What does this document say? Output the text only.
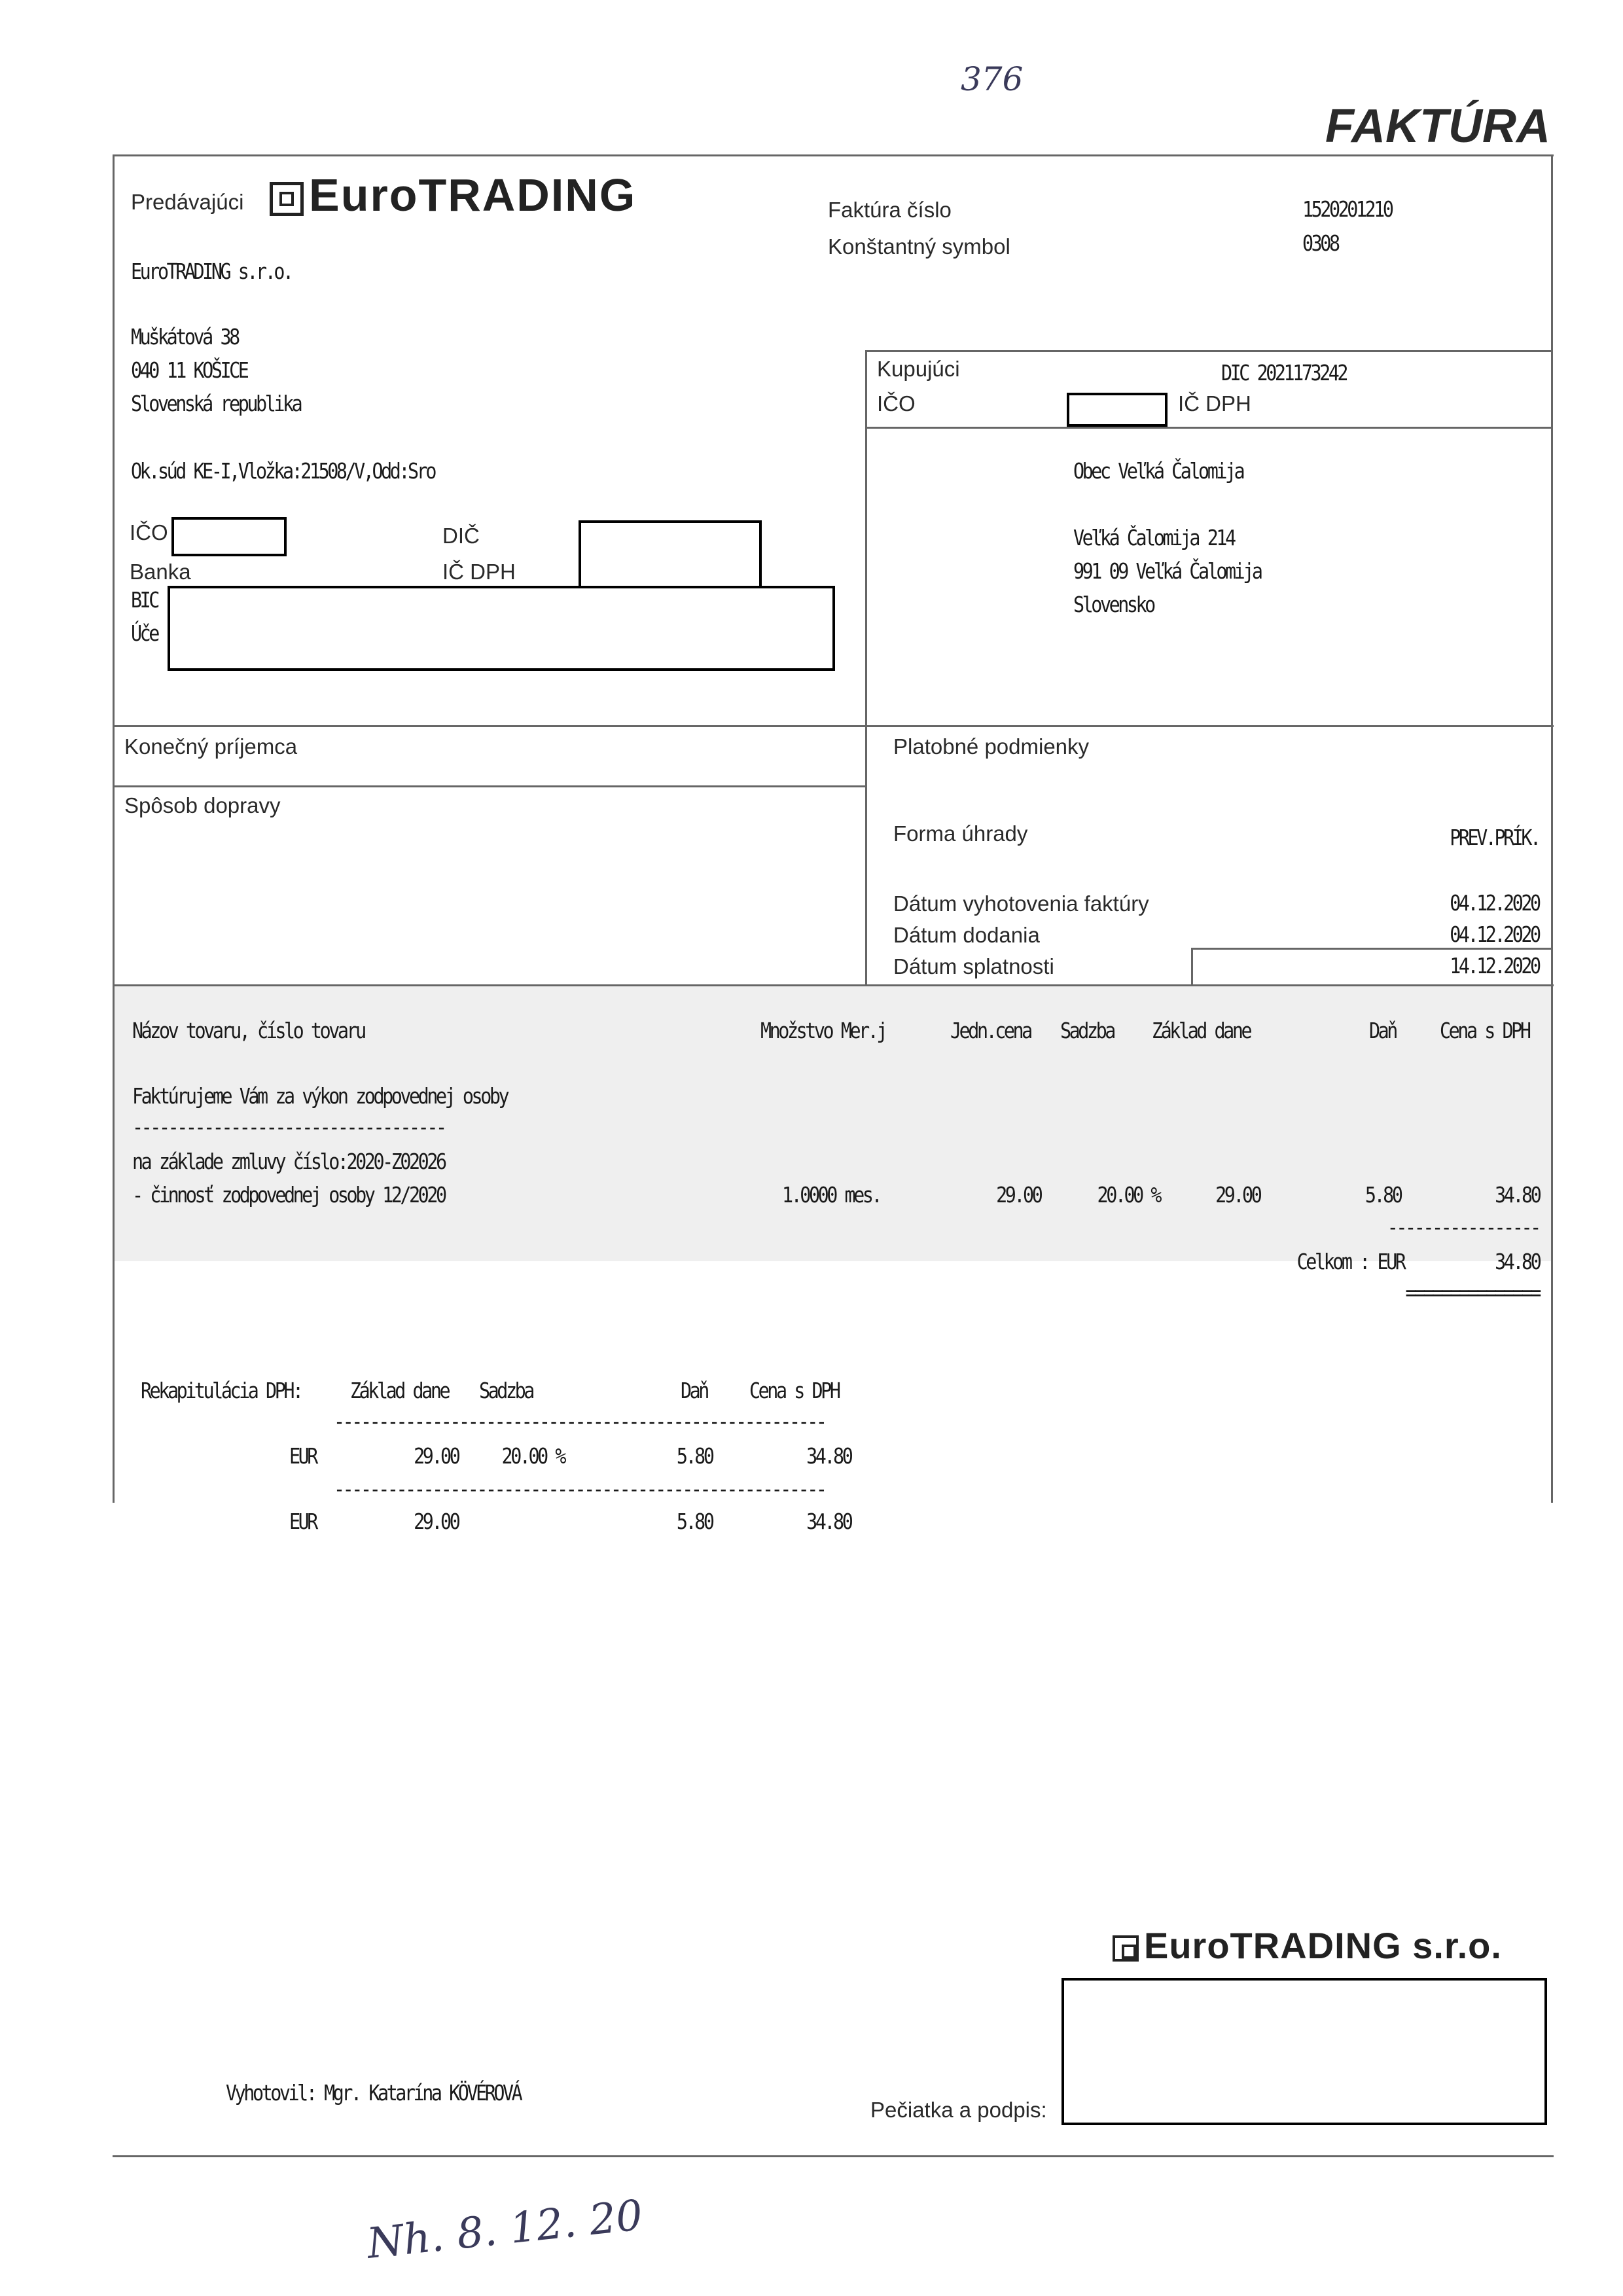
376
FAKTÚRA
Predávajúci	EuroTRADING
EuroTRADING s.r.o.
Muškátová 38
040 11 KOŠICE
Slovenská republika
Ok.súd KE-I,Vložka:21508/V,Odd:Sro
IČO	DIČ
Banka	IČ DPH
BIC
Úče
Faktúra číslo	1520201210
Konštantný symbol	0308
Kupujúci	DIC 2021173242
IČO	IČ DPH
Obec Veľká Čalomija
Veľká Čalomija 214
991 09 Veľká Čalomija
Slovensko
Konečný príjemca
Spôsob dopravy
Platobné podmienky
Forma úhrady	PREV.PRÍK.
Dátum vyhotovenia faktúry	04.12.2020
Dátum dodania	04.12.2020
Dátum splatnosti	14.12.2020
Názov tovaru, číslo tovaru	Množstvo Mer.j	Jedn.cena Sadzba Základ dane	Daň Cena s DPH
Faktúrujeme Vám za výkon zodpovednej osoby
-----------------------------------
na základe zmluvy číslo:2020-Z02026
- činnosť zodpovednej osoby 12/2020	1.0000 mes.	29.00	20.00 %	29.00	5.80	34.80
-----------------
Celkom : EUR	34.80
===============
Rekapitulácia DPH: Základ dane Sadzba	Daň Cena s DPH
-------------------------------------------------------
EUR	29.00 20.00 %	5.80	34.80
-------------------------------------------------------
EUR	29.00	5.80	34.80
EuroTRADING s.r.o.
Vyhotovil: Mgr. Katarína KÖVÉROVÁ
Pečiatka a podpis:
Nh. 8. 12. 20
